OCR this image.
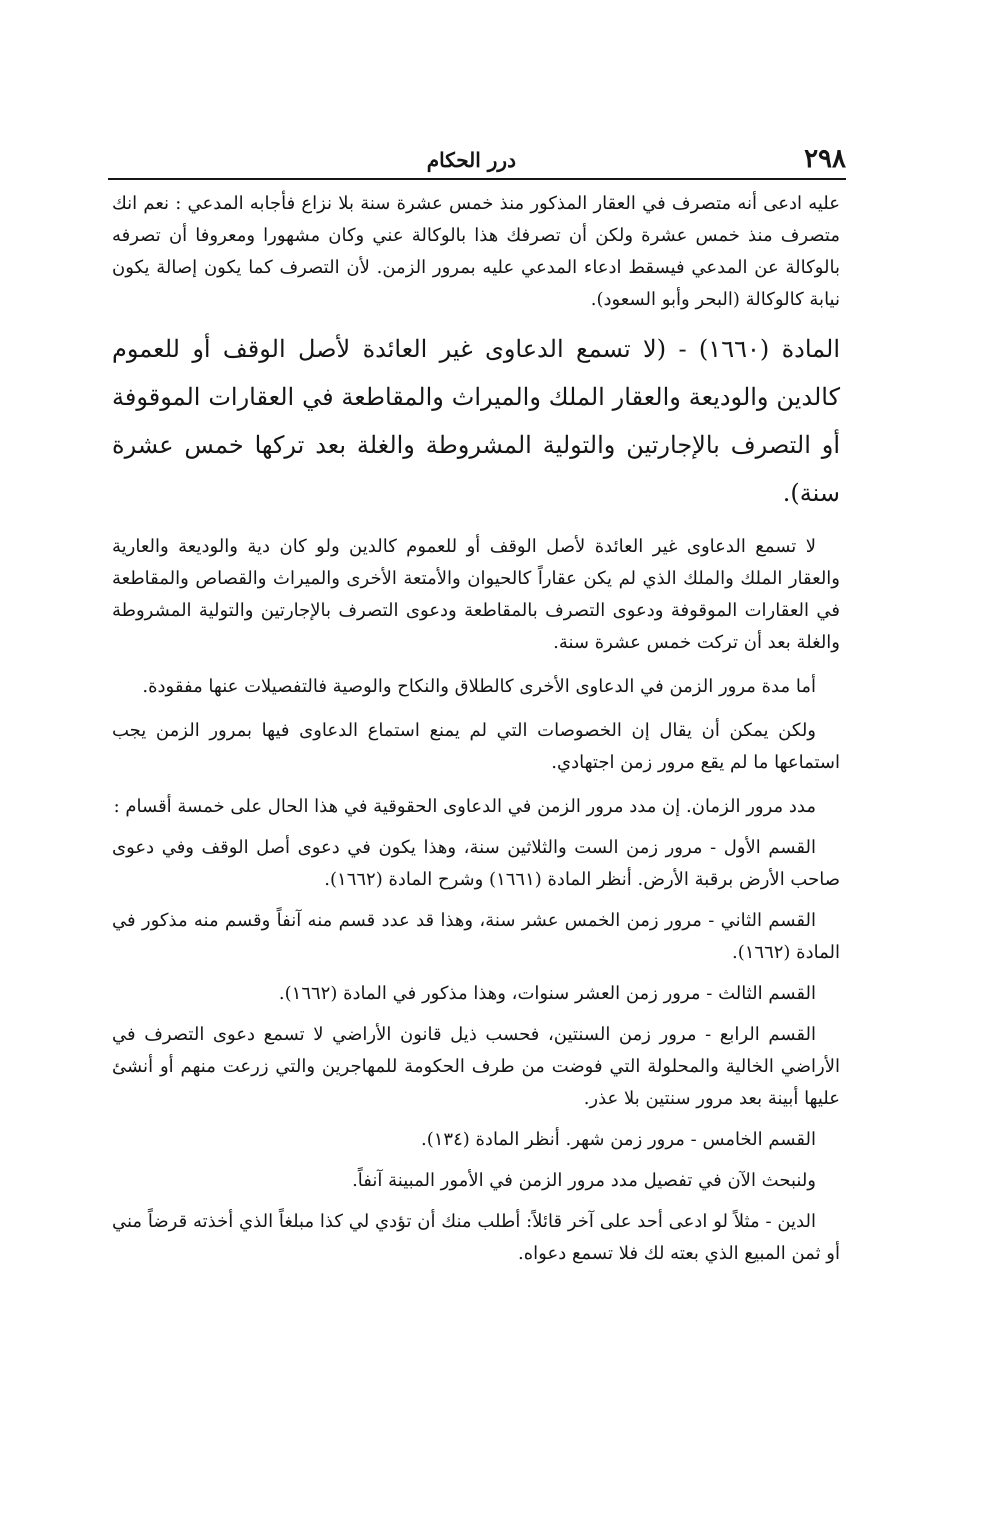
٢٩٨
درر الحكام

عليه ادعى أنه متصرف في العقار المذكور منذ خمس عشرة سنة بلا نزاع فأجابه المدعي : نعم انك متصرف منذ خمس عشرة ولكن أن تصرفك هذا بالوكالة عني وكان مشهورا ومعروفا أن تصرفه بالوكالة عن المدعي فيسقط ادعاء المدعي عليه بمرور الزمن. لأن التصرف كما يكون إصالة يكون نيابة كالوكالة (البحر وأبو السعود).

المادة (١٦٦٠) - (لا تسمع الدعاوى غير العائدة لأصل الوقف أو للعموم كالدين والوديعة والعقار الملك والميراث والمقاطعة في العقارات الموقوفة أو التصرف بالإجارتين والتولية المشروطة والغلة بعد تركها خمس عشرة سنة).

لا تسمع الدعاوى غير العائدة لأصل الوقف أو للعموم كالدين ولو كان دية والوديعة والعارية والعقار الملك والملك الذي لم يكن عقاراً كالحيوان والأمتعة الأخرى والميراث والقصاص والمقاطعة في العقارات الموقوفة ودعوى التصرف بالمقاطعة ودعوى التصرف بالإجارتين والتولية المشروطة والغلة بعد أن تركت خمس عشرة سنة.

أما مدة مرور الزمن في الدعاوى الأخرى كالطلاق والنكاح والوصية فالتفصيلات عنها مفقودة.

ولكن يمكن أن يقال إن الخصوصات التي لم يمنع استماع الدعاوى فيها بمرور الزمن يجب استماعها ما لم يقع مرور زمن اجتهادي.

مدد مرور الزمان. إن مدد مرور الزمن في الدعاوى الحقوقية في هذا الحال على خمسة أقسام :

القسم الأول - مرور زمن الست والثلاثين سنة، وهذا يكون في دعوى أصل الوقف وفي دعوى صاحب الأرض برقبة الأرض. أنظر المادة (١٦٦١) وشرح المادة (١٦٦٢).

القسم الثاني - مرور زمن الخمس عشر سنة، وهذا قد عدد قسم منه آنفاً وقسم منه مذكور في المادة (١٦٦٢).

القسم الثالث - مرور زمن العشر سنوات، وهذا مذكور في المادة (١٦٦٢).

القسم الرابع - مرور زمن السنتين، فحسب ذيل قانون الأراضي لا تسمع دعوى التصرف في الأراضي الخالية والمحلولة التي فوضت من طرف الحكومة للمهاجرين والتي زرعت منهم أو أنشئ عليها أبينة بعد مرور سنتين بلا عذر.

القسم الخامس - مرور زمن شهر. أنظر المادة (١٣٤).

ولنبحث الآن في تفصيل مدد مرور الزمن في الأمور المبينة آنفاً.

الدين - مثلاً لو ادعى أحد على آخر قائلاً: أطلب منك أن تؤدي لي كذا مبلغاً الذي أخذته قرضاً مني أو ثمن المبيع الذي بعته لك فلا تسمع دعواه.
